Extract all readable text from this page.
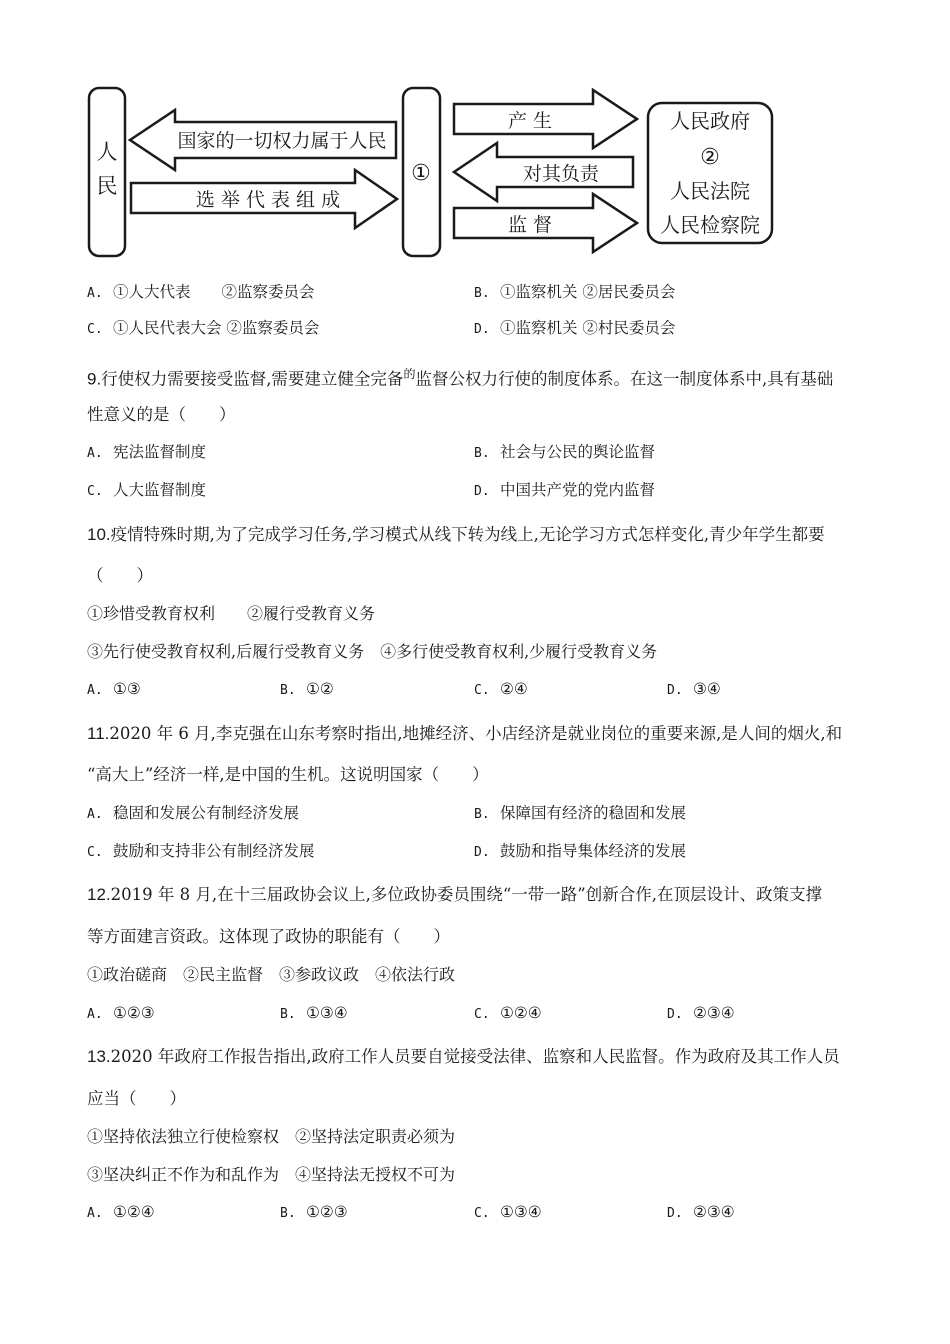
人
民
国家的一切权力属于人民
选 举 代 表 组 成
①
产 生
对其负责
监 督
人民政府
②
人民法院
人民检察院
A. ①人大代表　　②监察委员会	B. ①监察机关 ②居民委员会
C. ①人民代表大会 ②监察委员会	D. ①监察机关 ②村民委员会
9.行使权力需要接受监督,需要建立健全完备$^的$监督公权力行使的制度体系。在这一制度体系中,具有基础
性意义的是（　　）
A. 宪法监督制度	B. 社会与公民的舆论监督
C. 人大监督制度	D. 中国共产党的党内监督
10.疫情特殊时期,为了完成学习任务,学习模式从线下转为线上,无论学习方式怎样变化,青少年学生都要
（　　）
①珍惜受教育权利　　②履行受教育义务
③先行使受教育权利,后履行受教育义务　④多行使受教育权利,少履行受教育义务
A. ①③	B. ①②	C. ②④	D. ③④
11.2020 年 6 月,李克强在山东考察时指出,地摊经济、小店经济是就业岗位的重要来源,是人间的烟火,和
“高大上”经济一样,是中国的生机。这说明国家（　　）
A. 稳固和发展公有制经济发展	B. 保障国有经济的稳固和发展
C. 鼓励和支持非公有制经济发展	D. 鼓励和指导集体经济的发展
12.2019 年 8 月,在十三届政协会议上,多位政协委员围绕“一带一路”创新合作,在顶层设计、政策支撑
等方面建言资政。这体现了政协的职能有（　　）
①政治磋商　②民主监督　③参政议政　④依法行政
A. ①②③	B. ①③④	C. ①②④	D. ②③④
13.2020 年政府工作报告指出,政府工作人员要自觉接受法律、监察和人民监督。作为政府及其工作人员
应当（　　）
①坚持依法独立行使检察权　②坚持法定职责必须为
③坚决纠正不作为和乱作为　④坚持法无授权不可为
A. ①②④	B. ①②③	C. ①③④	D. ②③④
